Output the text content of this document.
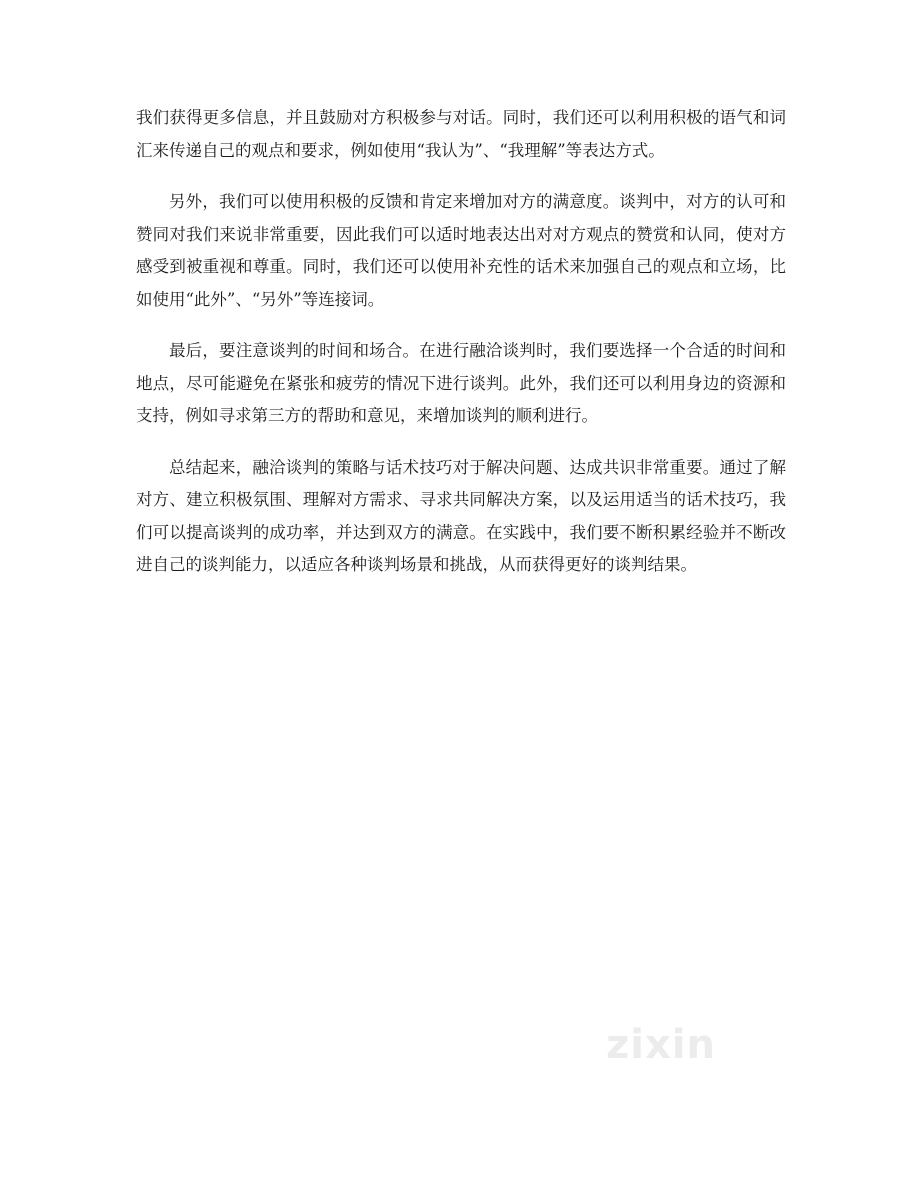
我们获得更多信息，并且鼓励对方积极参与对话。同时，我们还可以利用积极的语气和词汇来传递自己的观点和要求，例如使用“我认为”、“我理解”等表达方式。

另外，我们可以使用积极的反馈和肯定来增加对方的满意度。谈判中，对方的认可和赞同对我们来说非常重要，因此我们可以适时地表达出对对方观点的赞赏和认同，使对方感受到被重视和尊重。同时，我们还可以使用补充性的话术来加强自己的观点和立场，比如使用“此外”、“另外”等连接词。

最后，要注意谈判的时间和场合。在进行融洽谈判时，我们要选择一个合适的时间和地点，尽可能避免在紧张和疲劳的情况下进行谈判。此外，我们还可以利用身边的资源和支持，例如寻求第三方的帮助和意见，来增加谈判的顺利进行。

总结起来，融洽谈判的策略与话术技巧对于解决问题、达成共识非常重要。通过了解对方、建立积极氛围、理解对方需求、寻求共同解决方案，以及运用适当的话术技巧，我们可以提高谈判的成功率，并达到双方的满意。在实践中，我们要不断积累经验并不断改进自己的谈判能力，以适应各种谈判场景和挑战，从而获得更好的谈判结果。

zixin
